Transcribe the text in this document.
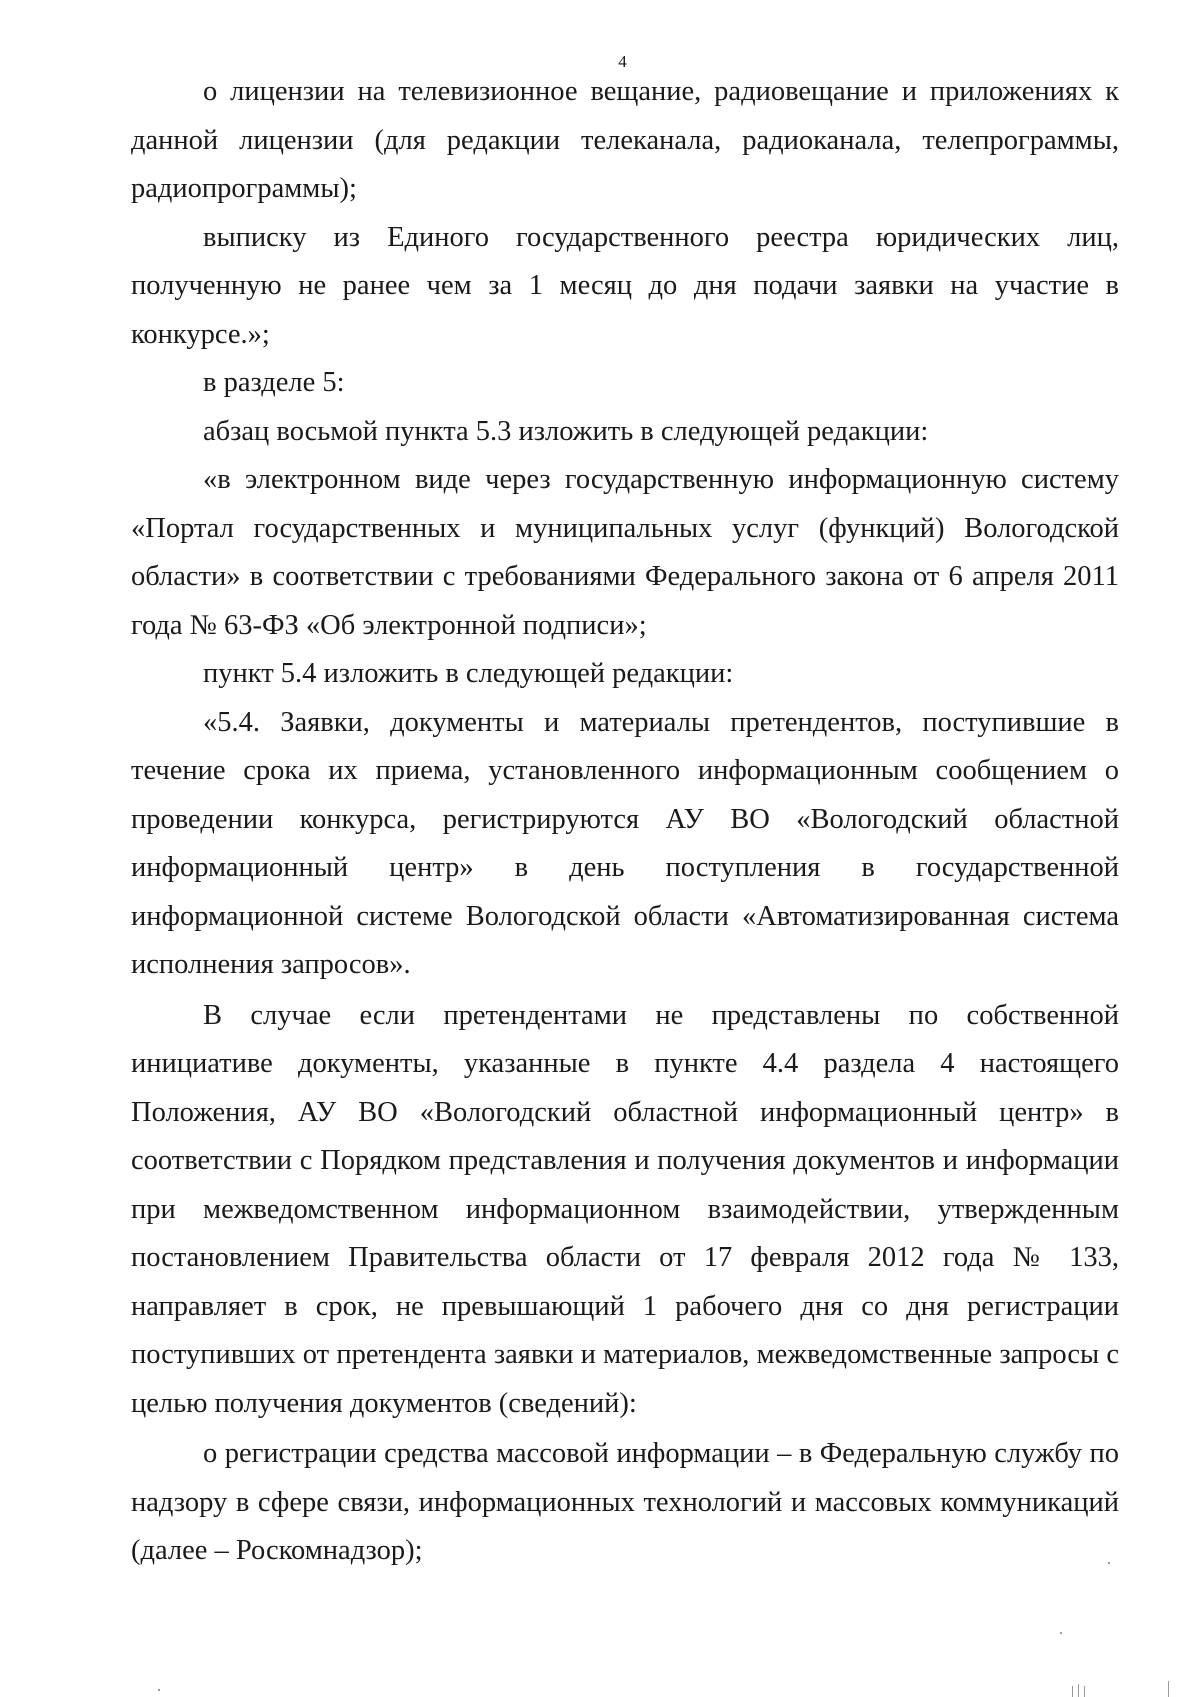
4

о лицензии на телевизионное вещание, радиовещание и приложениях к данной лицензии (для редакции телеканала, радиоканала, телепрограммы, радиопрограммы);

выписку из Единого государственного реестра юридических лиц, полученную не ранее чем за 1 месяц до дня подачи заявки на участие в конкурсе.»;

в разделе 5:

абзац восьмой пункта 5.3 изложить в следующей редакции:

«в электронном виде через государственную информационную систему «Портал государственных и муниципальных услуг (функций) Вологодской области» в соответствии с требованиями Федерального закона от 6 апреля 2011 года № 63-ФЗ «Об электронной подписи»;

пункт 5.4 изложить в следующей редакции:

«5.4. Заявки, документы и материалы претендентов, поступившие в течение срока их приема, установленного информационным сообщением о проведении конкурса, регистрируются АУ ВО «Вологодский областной информационный центр» в день поступления в государственной информационной системе Вологодской области «Автоматизированная система исполнения запросов».

В случае если претендентами не представлены по собственной инициативе документы, указанные в пункте 4.4 раздела 4 настоящего Положения, АУ ВО «Вологодский областной информационный центр» в соответствии с Порядком представления и получения документов и информации при межведомственном информационном взаимодействии, утвержденным постановлением Правительства области от 17 февраля 2012 года № 133, направляет в срок, не превышающий 1 рабочего дня со дня регистрации поступивших от претендента заявки и материалов, межведомственные запросы с целью получения документов (сведений):

о регистрации средства массовой информации – в Федеральную службу по надзору в сфере связи, информационных технологий и массовых коммуникаций (далее – Роскомнадзор);
